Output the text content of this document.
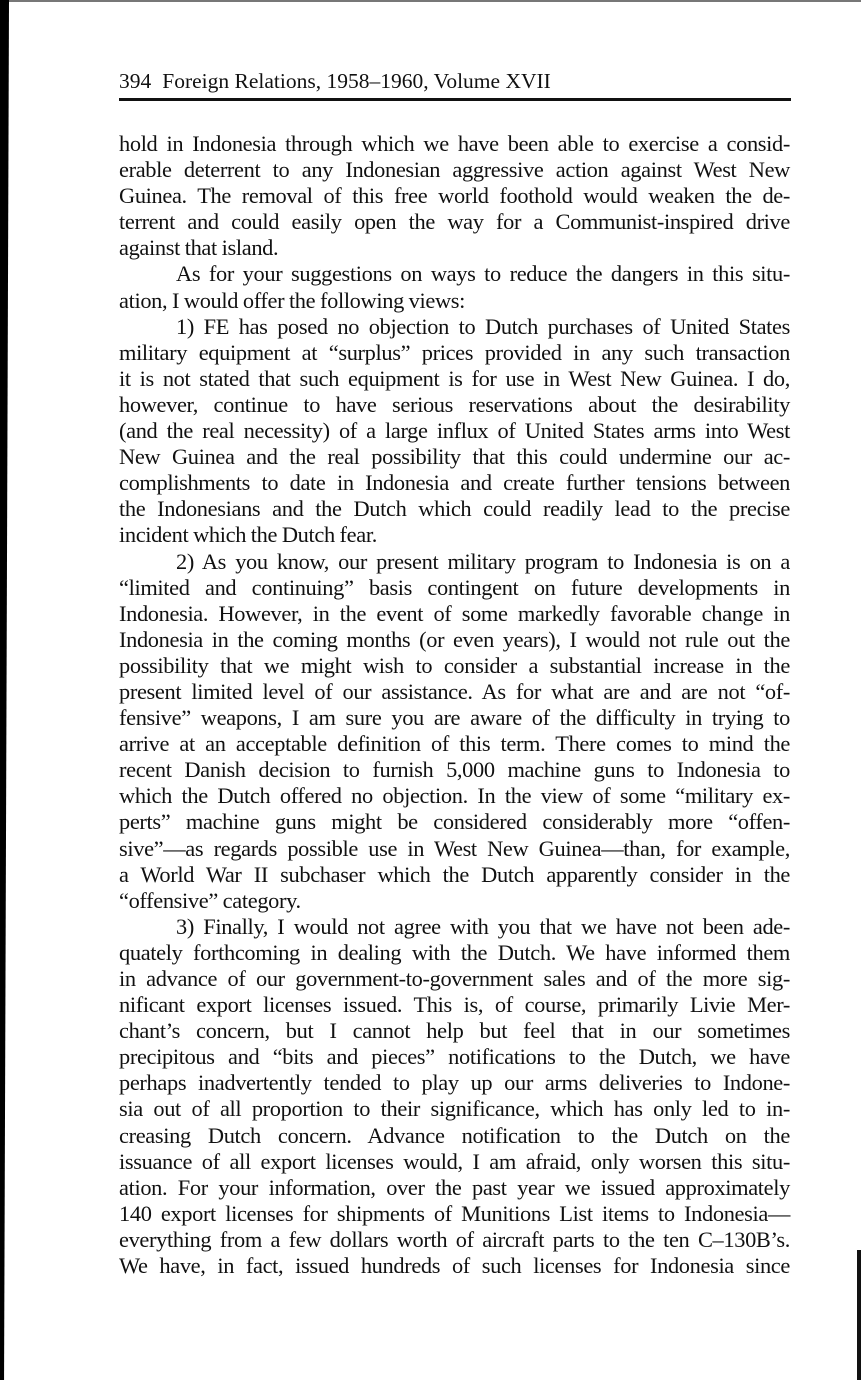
394 Foreign Relations, 1958–1960, Volume XVII
hold in Indonesia through which we have been able to exercise a consid-
erable deterrent to any Indonesian aggressive action against West New
Guinea. The removal of this free world foothold would weaken the de-
terrent and could easily open the way for a Communist-inspired drive
against that island.
As for your suggestions on ways to reduce the dangers in this situ-
ation, I would offer the following views:
1) FE has posed no objection to Dutch purchases of United States
military equipment at “surplus” prices provided in any such transaction
it is not stated that such equipment is for use in West New Guinea. I do,
however, continue to have serious reservations about the desirability
(and the real necessity) of a large influx of United States arms into West
New Guinea and the real possibility that this could undermine our ac-
complishments to date in Indonesia and create further tensions between
the Indonesians and the Dutch which could readily lead to the precise
incident which the Dutch fear.
2) As you know, our present military program to Indonesia is on a
“limited and continuing” basis contingent on future developments in
Indonesia. However, in the event of some markedly favorable change in
Indonesia in the coming months (or even years), I would not rule out the
possibility that we might wish to consider a substantial increase in the
present limited level of our assistance. As for what are and are not “of-
fensive” weapons, I am sure you are aware of the difficulty in trying to
arrive at an acceptable definition of this term. There comes to mind the
recent Danish decision to furnish 5,000 machine guns to Indonesia to
which the Dutch offered no objection. In the view of some “military ex-
perts” machine guns might be considered considerably more “offen-
sive”—as regards possible use in West New Guinea—than, for example,
a World War II subchaser which the Dutch apparently consider in the
“offensive” category.
3) Finally, I would not agree with you that we have not been ade-
quately forthcoming in dealing with the Dutch. We have informed them
in advance of our government-to-government sales and of the more sig-
nificant export licenses issued. This is, of course, primarily Livie Mer-
chant’s concern, but I cannot help but feel that in our sometimes
precipitous and “bits and pieces” notifications to the Dutch, we have
perhaps inadvertently tended to play up our arms deliveries to Indone-
sia out of all proportion to their significance, which has only led to in-
creasing Dutch concern. Advance notification to the Dutch on the
issuance of all export licenses would, I am afraid, only worsen this situ-
ation. For your information, over the past year we issued approximately
140 export licenses for shipments of Munitions List items to Indonesia—
everything from a few dollars worth of aircraft parts to the ten C–130B’s.
We have, in fact, issued hundreds of such licenses for Indonesia since
